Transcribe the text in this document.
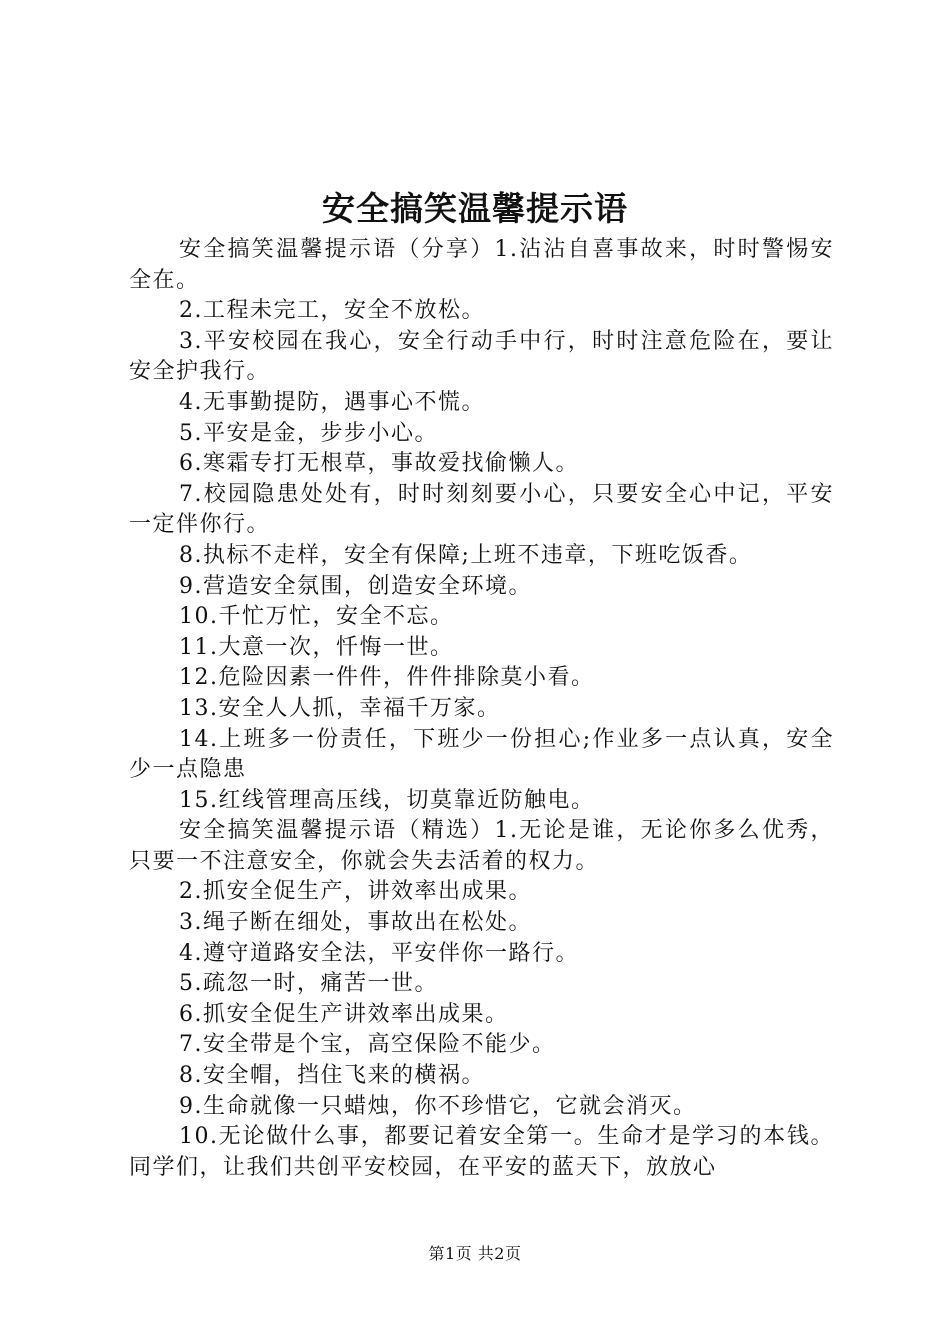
安全搞笑温馨提示语

安全搞笑温馨提示语（分享）1.沾沾自喜事故来，时时警惕安全在。

2.工程未完工，安全不放松。

3.平安校园在我心，安全行动手中行，时时注意危险在，要让安全护我行。

4.无事勤提防，遇事心不慌。

5.平安是金，步步小心。

6.寒霜专打无根草，事故爱找偷懒人。

7.校园隐患处处有，时时刻刻要小心，只要安全心中记，平安一定伴你行。

8.执标不走样，安全有保障;上班不违章，下班吃饭香。

9.营造安全氛围，创造安全环境。

10.千忙万忙，安全不忘。

11.大意一次，忏悔一世。

12.危险因素一件件，件件排除莫小看。

13.安全人人抓，幸福千万家。

14.上班多一份责任，下班少一份担心;作业多一点认真，安全少一点隐患

15.红线管理高压线，切莫靠近防触电。

安全搞笑温馨提示语（精选）1.无论是谁，无论你多么优秀，只要一不注意安全，你就会失去活着的权力。

2.抓安全促生产，讲效率出成果。

3.绳子断在细处，事故出在松处。

4.遵守道路安全法，平安伴你一路行。

5.疏忽一时，痛苦一世。

6.抓安全促生产讲效率出成果。

7.安全带是个宝，高空保险不能少。

8.安全帽，挡住飞来的横祸。

9.生命就像一只蜡烛，你不珍惜它，它就会消灭。

10.无论做什么事，都要记着安全第一。生命才是学习的本钱。同学们，让我们共创平安校园，在平安的蓝天下，放放心

第1页 共2页
